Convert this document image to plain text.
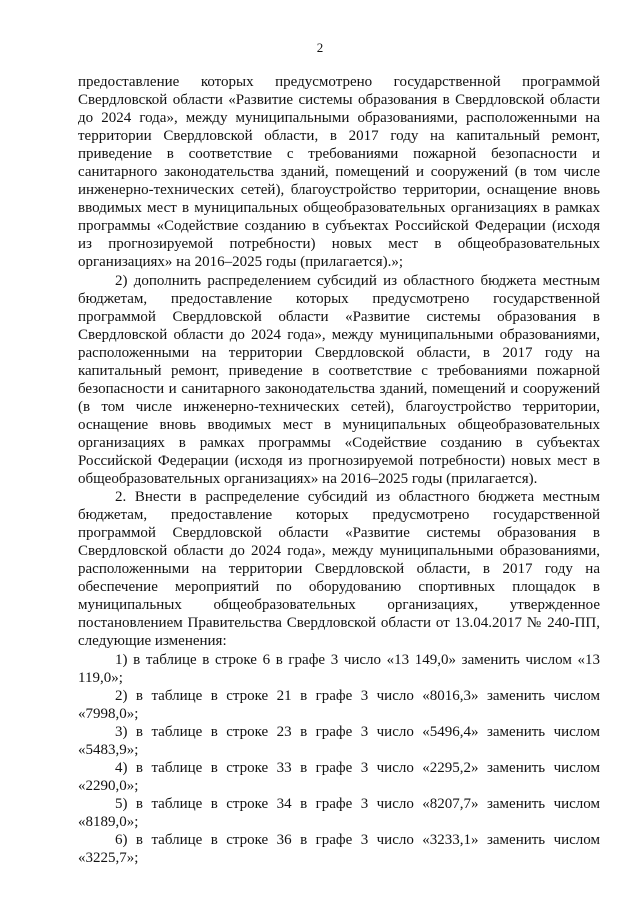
2

предоставление которых предусмотрено государственной программой Свердловской области «Развитие системы образования в Свердловской области до 2024 года», между муниципальными образованиями, расположенными на территории Свердловской области, в 2017 году на капитальный ремонт, приведение в соответствие с требованиями пожарной безопасности и санитарного законодательства зданий, помещений и сооружений (в том числе инженерно-технических сетей), благоустройство территории, оснащение вновь вводимых мест в муниципальных общеобразовательных организациях в рамках программы «Содействие созданию в субъектах Российской Федерации (исходя из прогнозируемой потребности) новых мест в общеобразовательных организациях» на 2016–2025 годы (прилагается).»;

2) дополнить распределением субсидий из областного бюджета местным бюджетам, предоставление которых предусмотрено государственной программой Свердловской области «Развитие системы образования в Свердловской области до 2024 года», между муниципальными образованиями, расположенными на территории Свердловской области, в 2017 году на капитальный ремонт, приведение в соответствие с требованиями пожарной безопасности и санитарного законодательства зданий, помещений и сооружений (в том числе инженерно-технических сетей), благоустройство территории, оснащение вновь вводимых мест в муниципальных общеобразовательных организациях в рамках программы «Содействие созданию в субъектах Российской Федерации (исходя из прогнозируемой потребности) новых мест в общеобразовательных организациях» на 2016–2025 годы (прилагается).

2. Внести в распределение субсидий из областного бюджета местным бюджетам, предоставление которых предусмотрено государственной программой Свердловской области «Развитие системы образования в Свердловской области до 2024 года», между муниципальными образованиями, расположенными на территории Свердловской области, в 2017 году на обеспечение мероприятий по оборудованию спортивных площадок в муниципальных общеобразовательных организациях, утвержденное постановлением Правительства Свердловской области от 13.04.2017 № 240-ПП, следующие изменения:

1) в таблице в строке 6 в графе 3 число «13 149,0» заменить числом «13 119,0»;

2) в таблице в строке 21 в графе 3 число «8016,3» заменить числом «7998,0»;

3) в таблице в строке 23 в графе 3 число «5496,4» заменить числом «5483,9»;

4) в таблице в строке 33 в графе 3 число «2295,2» заменить числом «2290,0»;

5) в таблице в строке 34 в графе 3 число «8207,7» заменить числом «8189,0»;

6) в таблице в строке 36 в графе 3 число «3233,1» заменить числом «3225,7»;
